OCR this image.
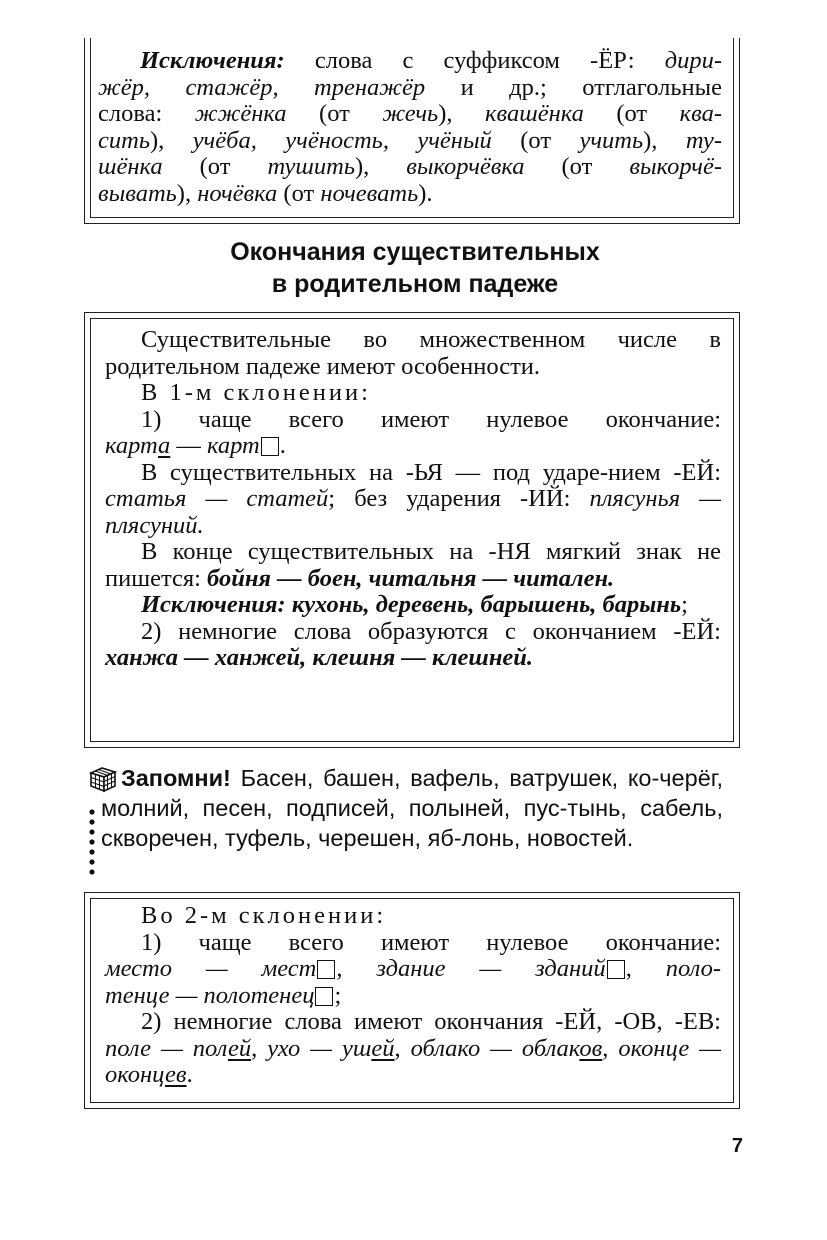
Исключения: слова с суффиксом -ЁР: дири-

жёр, стажёр, тренажёр и др.; отглагольные

слова: жжёнка (от жечь), квашёнка (от ква-

сить), учёба, учёность, учёный (от учить), ту-

шёнка (от тушить), выкорчёвка (от выкорчё-

вывать), ночёвка (от ночевать).

Окончания существительных
в родительном падеже

Существительные во множественном числе в родительном падеже имеют особенности.

В 1-м склонении:

1) чаще всего имеют нулевое окончание:

карта — карт .

В существительных на -ЬЯ — под ударе-нием -ЕЙ: статья — статей; без ударения -ИЙ: плясунья — плясуний.

В конце существительных на -НЯ мягкий знак не пишется: бойня — боен, читальня — читален.

Исключения: кухонь, деревень, барышень, барынь;

2) немногие слова образуются с окончанием -ЕЙ: ханжа — ханжей, клешня — клешней.

Запомни! Басен, башен, вафель, ватрушек, ко-черёг, молний, песен, подписей, полыней, пус-тынь, сабель, скворечен, туфель, черешен, яб-лонь, новостей.

Во 2-м склонении:

1) чаще всего имеют нулевое окончание:

место — мест , здание — зданий , поло-

тенце — полотенец ;

2) немногие слова имеют окончания -ЕЙ, -ОВ, -ЕВ: поле — полей, ухо — ушей, облако — облаков, оконце — оконцев.

7
